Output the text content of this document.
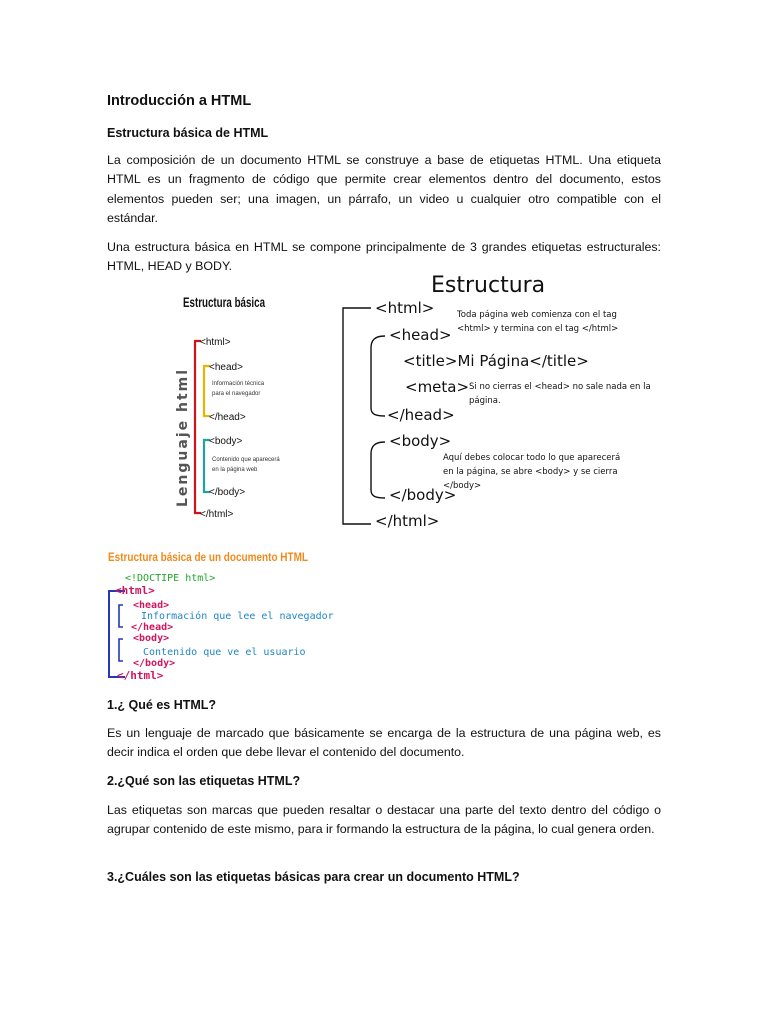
Introducción a HTML
Estructura básica de HTML

La composición de un documento HTML se construye a base de etiquetas HTML. Una etiqueta HTML es un fragmento de código que permite crear elementos dentro del documento, estos elementos pueden ser; una imagen, un párrafo, un video u cualquier otro compatible con el estándar.

Una estructura básica en HTML se compone principalmente de 3 grandes etiquetas estructurales: HTML, HEAD y BODY.

Estructura básica
Lenguaje html
<html>
<head>
Información técnica
para el navegador
</head>
<body>
Contenido que aparecerá
en la página web
</body>
</html>
Estructura
<html>	Toda página web comienza con el tag
<html> y termina con el tag </html>
<head>
<title>Mi Página</title>
<meta> Si no cierras el <head> no sale nada en la
página.
</head>
<body>
Aquí debes colocar todo lo que aparecerá
en la página, se abre <body> y se cierra
</body>
</body>
</html>
Estructura básica de un documento HTML
<!DOCTIPE html>
<html>
<head>
Información que lee el navegador
</head>
<body>
Contenido que ve el usuario
</body>
</html>
1.¿ Qué es HTML?

Es un lenguaje de marcado que básicamente se encarga de la estructura de una página web, es decir indica el orden que debe llevar el contenido del documento.

2.¿Qué son las etiquetas HTML?

Las etiquetas son marcas que pueden resaltar o destacar una parte del texto dentro del código o agrupar contenido de este mismo, para ir formando la estructura de la página, lo cual genera orden.

3.¿Cuáles son las etiquetas básicas para crear un documento HTML?
